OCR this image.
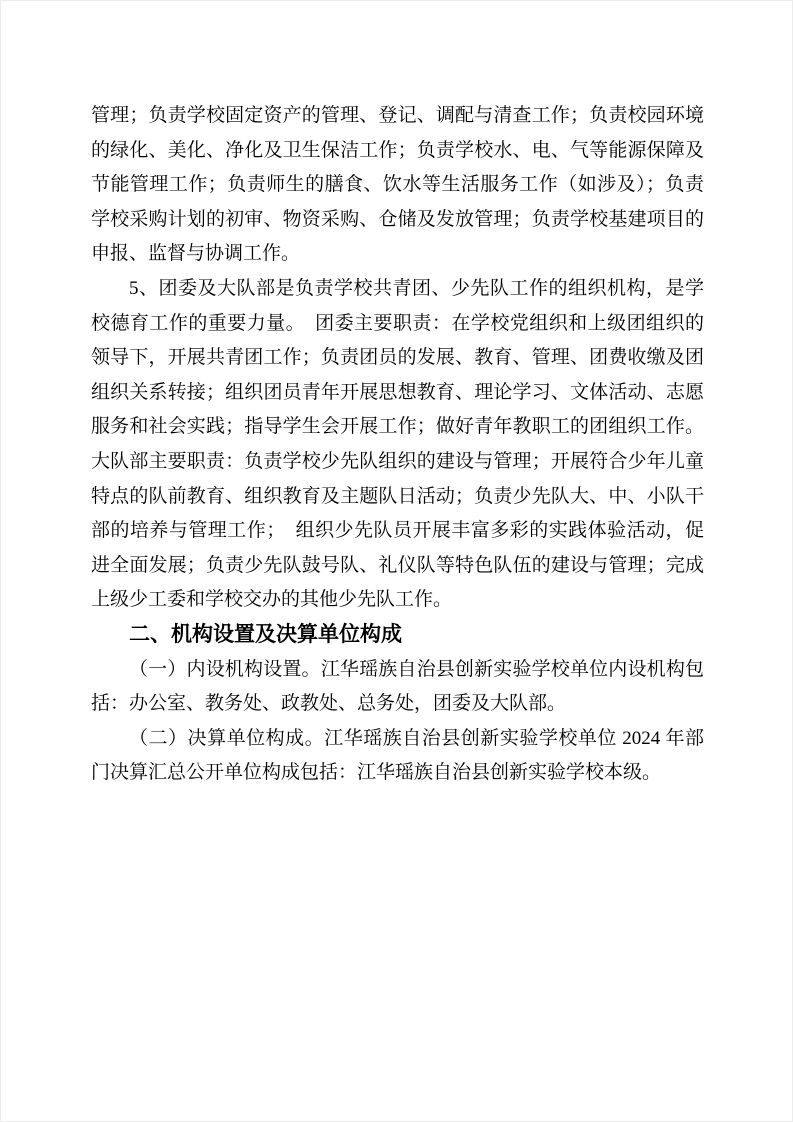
管理；负责学校固定资产的管理、登记、调配与清查工作；负责校园环境的绿化、美化、净化及卫生保洁工作；负责学校水、电、气等能源保障及节能管理工作；负责师生的膳食、饮水等生活服务工作（如涉及）；负责学校采购计划的初审、物资采购、仓储及发放管理；负责学校基建项目的申报、监督与协调工作。

5、团委及大队部是负责学校共青团、少先队工作的组织机构，是学校德育工作的重要力量。　团委主要职责：在学校党组织和上级团组织的领导下，开展共青团工作；负责团员的发展、教育、管理、团费收缴及团组织关系转接；组织团员青年开展思想教育、理论学习、文体活动、志愿服务和社会实践；指导学生会开展工作；做好青年教职工的团组织工作。大队部主要职责：负责学校少先队组织的建设与管理；开展符合少年儿童特点的队前教育、组织教育及主题队日活动；负责少先队大、中、小队干部的培养与管理工作；　组织少先队员开展丰富多彩的实践体验活动，促进全面发展；负责少先队鼓号队、礼仪队等特色队伍的建设与管理；完成上级少工委和学校交办的其他少先队工作。

二、机构设置及决算单位构成

（一）内设机构设置。江华瑶族自治县创新实验学校单位内设机构包括：办公室、教务处、政教处、总务处，团委及大队部。

（二）决算单位构成。江华瑶族自治县创新实验学校单位 2024 年部门决算汇总公开单位构成包括：江华瑶族自治县创新实验学校本级。
